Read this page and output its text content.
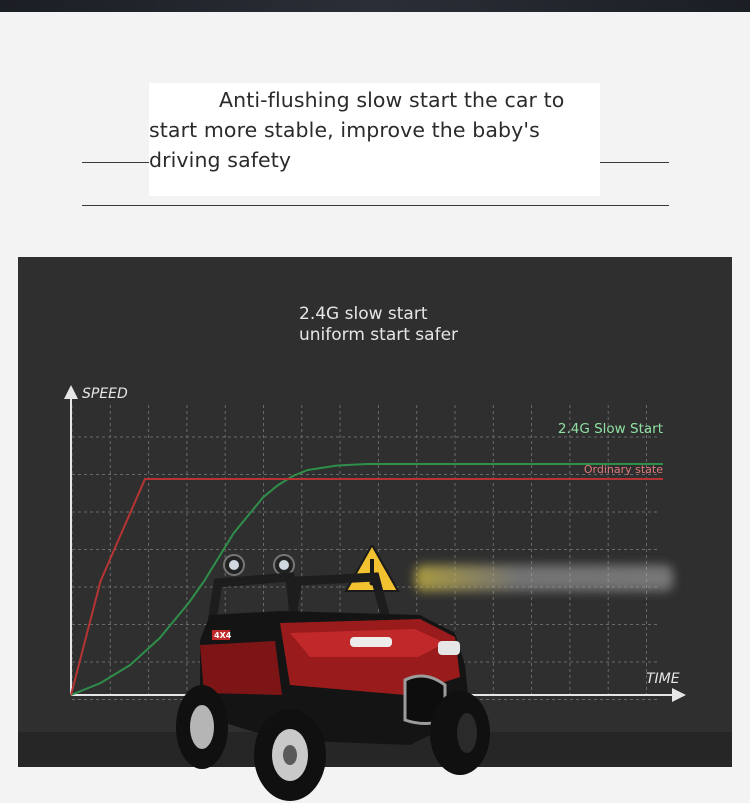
Anti-flushing slow start the car to start more stable, improve the baby's driving safety

2.4G slow start
uniform start safer

SPEED
TIME
2.4G Slow Start
Ordinary state
4X4
